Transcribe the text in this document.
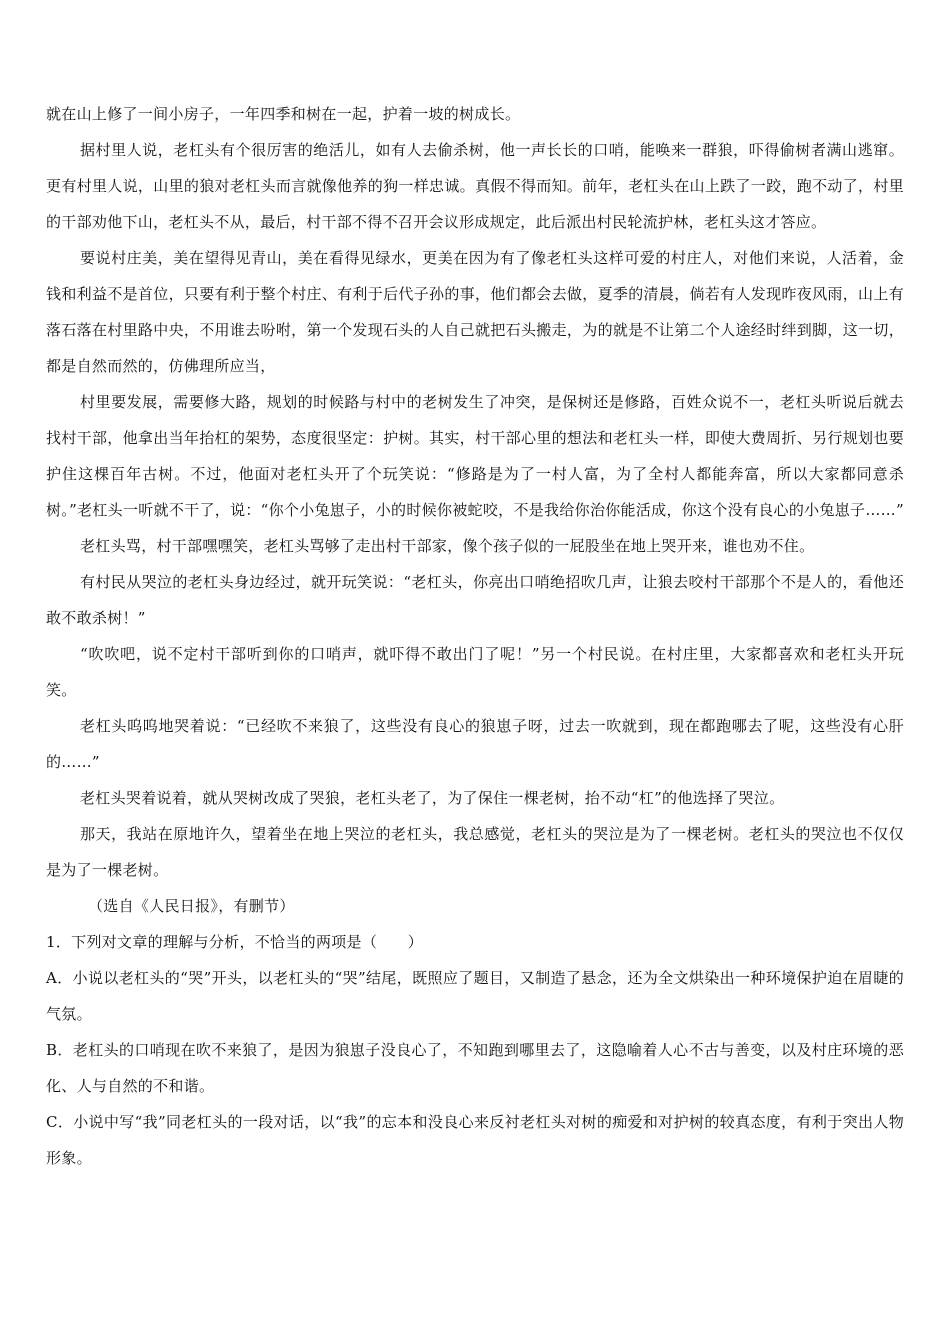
就在山上修了一间小房子，一年四季和树在一起，护着一坡的树成长。

据村里人说，老杠头有个很厉害的绝活儿，如有人去偷杀树，他一声长长的口哨，能唤来一群狼，吓得偷树者满山逃窜。更有村里人说，山里的狼对老杠头而言就像他养的狗一样忠诚。真假不得而知。前年，老杠头在山上跌了一跤，跑不动了，村里的干部劝他下山，老杠头不从，最后，村干部不得不召开会议形成规定，此后派出村民轮流护林，老杠头这才答应。

要说村庄美，美在望得见青山，美在看得见绿水，更美在因为有了像老杠头这样可爱的村庄人，对他们来说，人活着，金钱和利益不是首位，只要有利于整个村庄、有利于后代子孙的事，他们都会去做，夏季的清晨，倘若有人发现昨夜风雨，山上有落石落在村里路中央，不用谁去吩咐，第一个发现石头的人自己就把石头搬走，为的就是不让第二个人途经时绊到脚，这一切，都是自然而然的，仿佛理所应当，

村里要发展，需要修大路，规划的时候路与村中的老树发生了冲突，是保树还是修路，百姓众说不一，老杠头听说后就去找村干部，他拿出当年抬杠的架势，态度很坚定：护树。其实，村干部心里的想法和老杠头一样，即使大费周折、另行规划也要护住这棵百年古树。不过，他面对老杠头开了个玩笑说：“修路是为了一村人富，为了全村人都能奔富，所以大家都同意杀树。”老杠头一听就不干了，说：“你个小兔崽子，小的时候你被蛇咬，不是我给你治你能活成，你这个没有良心的小兔崽子……”

老杠头骂，村干部嘿嘿笑，老杠头骂够了走出村干部家，像个孩子似的一屁股坐在地上哭开来，谁也劝不住。

有村民从哭泣的老杠头身边经过，就开玩笑说：“老杠头，你亮出口哨绝招吹几声，让狼去咬村干部那个不是人的，看他还敢不敢杀树！”

“吹吹吧，说不定村干部听到你的口哨声，就吓得不敢出门了呢！”另一个村民说。在村庄里，大家都喜欢和老杠头开玩笑。

老杠头呜呜地哭着说：“已经吹不来狼了，这些没有良心的狼崽子呀，过去一吹就到，现在都跑哪去了呢，这些没有心肝的……”

老杠头哭着说着，就从哭树改成了哭狼，老杠头老了，为了保住一棵老树，抬不动“杠”的他选择了哭泣。

那天，我站在原地许久，望着坐在地上哭泣的老杠头，我总感觉，老杠头的哭泣是为了一棵老树。老杠头的哭泣也不仅仅是为了一棵老树。

（选自《人民日报》，有删节）

1．下列对文章的理解与分析，不恰当的两项是（　　）

A．小说以老杠头的“哭”开头，以老杠头的“哭”结尾，既照应了题目，又制造了悬念，还为全文烘染出一种环境保护迫在眉睫的气氛。

B．老杠头的口哨现在吹不来狼了，是因为狼崽子没良心了，不知跑到哪里去了，这隐喻着人心不古与善变，以及村庄环境的恶化、人与自然的不和谐。

C．小说中写“我”同老杠头的一段对话，以“我”的忘本和没良心来反衬老杠头对树的痴爱和对护树的较真态度，有利于突出人物形象。
